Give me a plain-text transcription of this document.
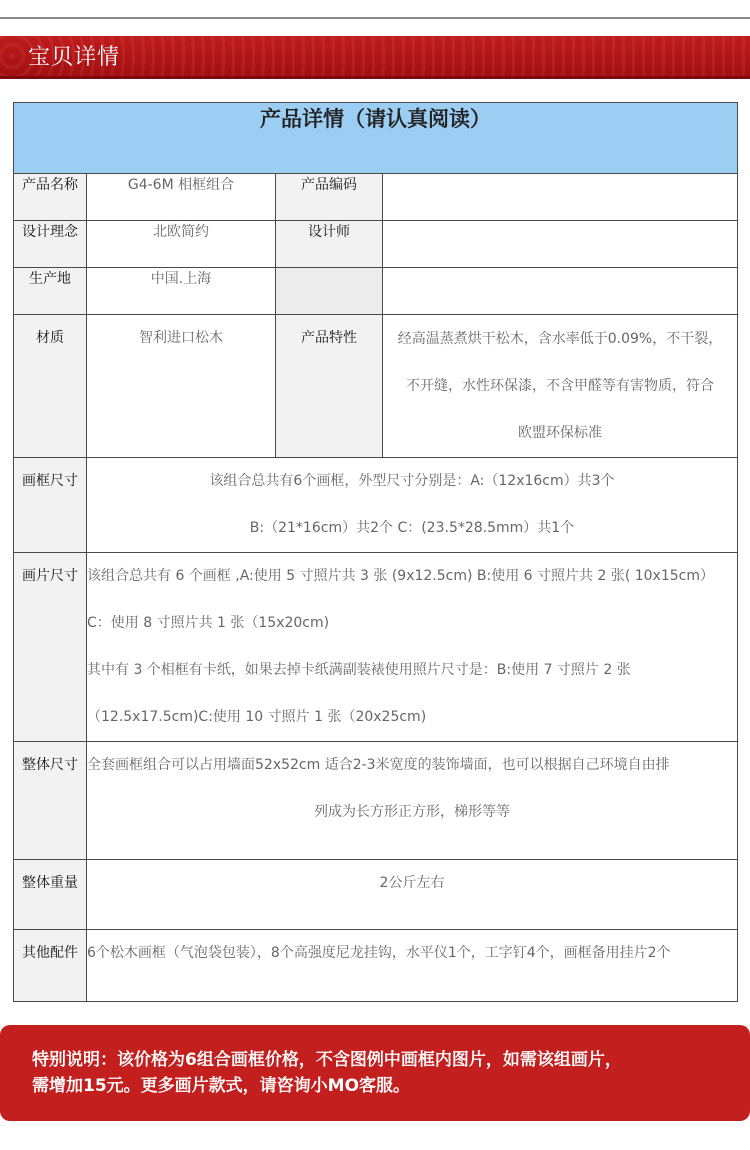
宝贝详情
产品详情（请认真阅读）			
产品名称	G4-6M 相框组合	产品编码	
设计理念	北欧简约	设计师	
生产地	中国.上海		

材质	智利进口松木	产品特性	经高温蒸煮烘干松木，含水率低于0.09%，不干裂，
不开缝，水性环保漆，不含甲醛等有害物质，符合
欧盟环保标准

画框尺寸	该组合总共有6个画框，外型尺寸分别是：A:（12x16cm）共3个
B:（21*16cm）共2个 C：(23.5*28.5mm）共1个		

画片尺寸	该组合总共有 6 个画框 ,A:使用 5 寸照片共 3 张 (9x12.5cm) B:使用 6 寸照片共 2 张( 10x15cm）
C：使用 8 寸照片共 1 张（15x20cm)
其中有 3 个相框有卡纸，如果去掉卡纸满副装裱使用照片尺寸是：B:使用 7 寸照片 2 张
（12.5x17.5cm)C:使用 10 寸照片 1 张（20x25cm)		

整体尺寸	全套画框组合可以占用墙面52x52cm 适合2-3米宽度的装饰墙面，也可以根据自己环境自由排
列成为长方形正方形，梯形等等		

整体重量	2公斤左右		

其他配件	6个松木画框（气泡袋包装），8个高强度尼龙挂钩，水平仪1个，工字钉4个，画框备用挂片2个		
特别说明：该价格为6组合画框价格，不含图例中画框内图片，如需该组画片，
需增加15元。更多画片款式，请咨询小MO客服。
